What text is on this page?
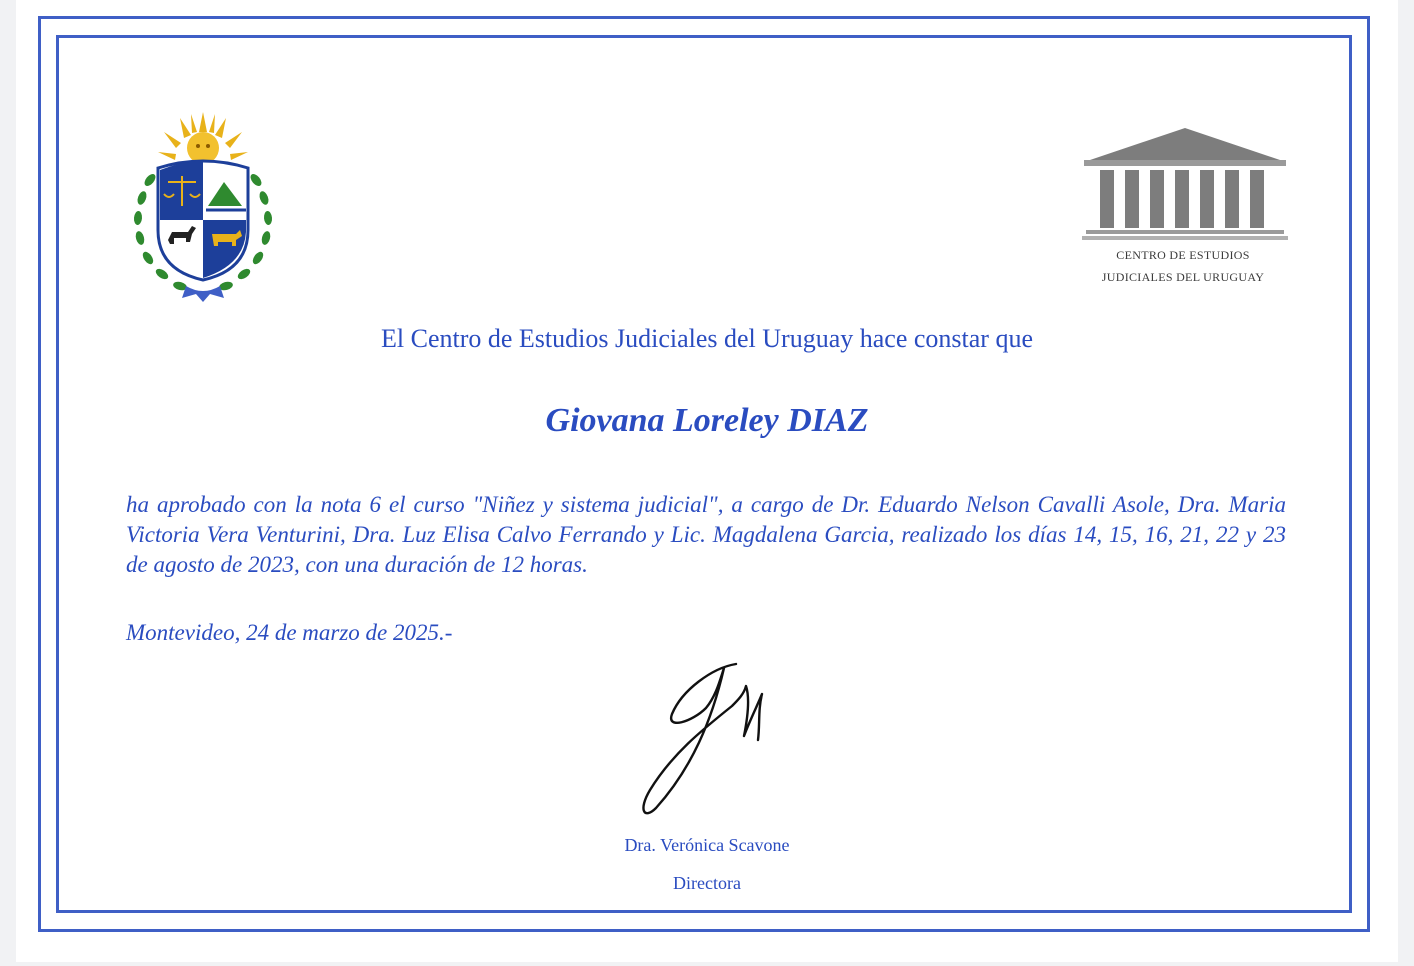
CENTRO DE ESTUDIOS
JUDICIALES DEL URUGUAY
El Centro de Estudios Judiciales del Uruguay hace constar que
Giovana Loreley DIAZ

ha aprobado con la nota 6 el curso "Niñez y sistema judicial", a cargo de Dr. Eduardo Nelson Cavalli Asole, Dra. Maria Victoria Vera Venturini, Dra. Luz Elisa Calvo Ferrando y Lic. Magdalena Garcia, realizado los días 14, 15, 16, 21, 22 y 23 de agosto de 2023, con una duración de 12 horas.

Montevideo, 24 de marzo de 2025.-
Dra. Verónica Scavone
Directora
